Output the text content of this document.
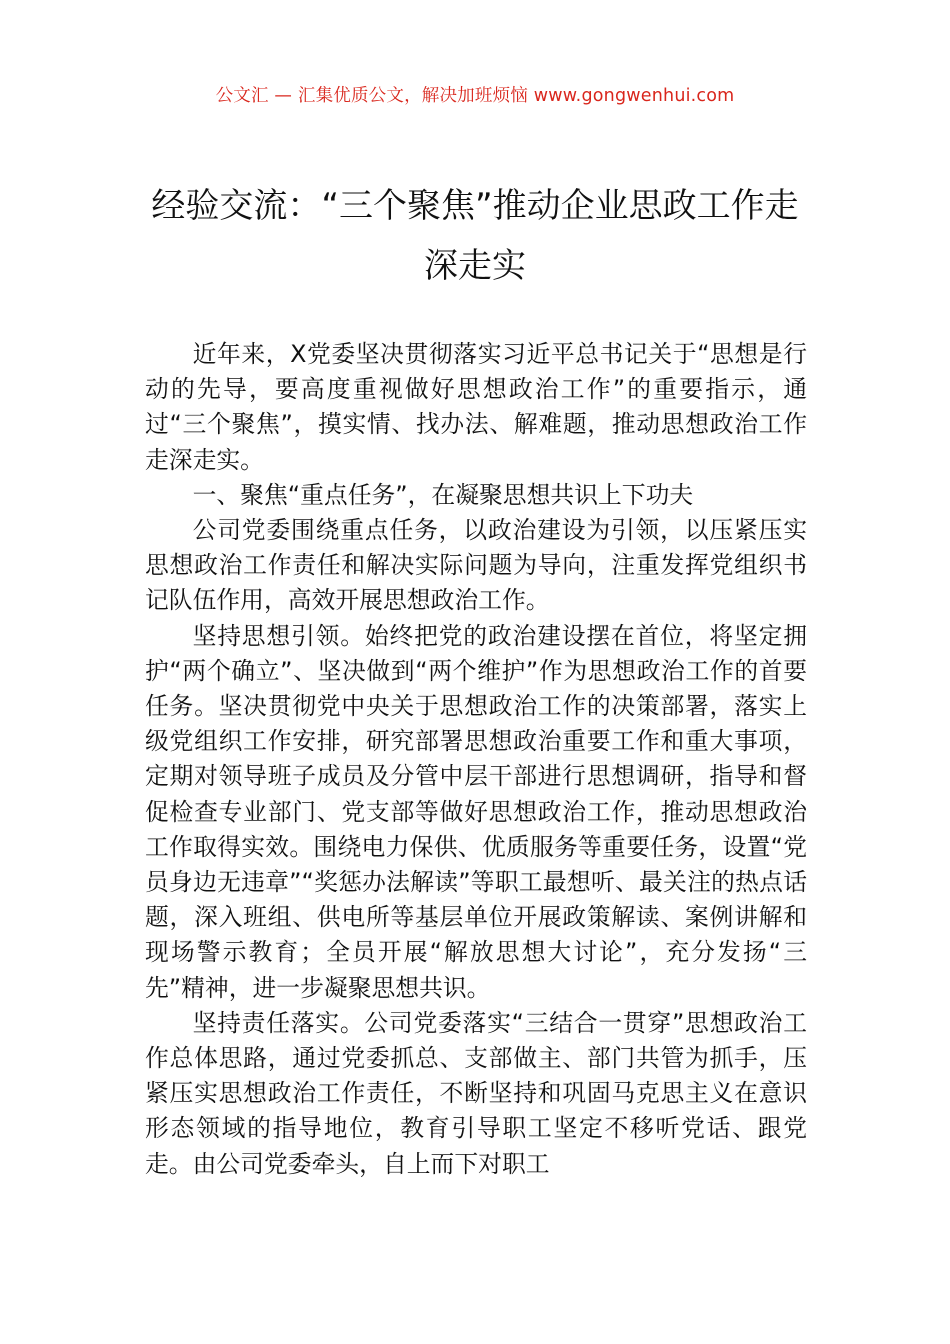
公文汇 — 汇集优质公文，解决加班烦恼 www.gongwenhui.com
经验交流：“三个聚焦”推动企业思政工作走深走实

近年来，X党委坚决贯彻落实习近平总书记关于“思想是行动的先导，要高度重视做好思想政治工作”的重要指示，通过“三个聚焦”，摸实情、找办法、解难题，推动思想政治工作走深走实。

一、聚焦“重点任务”，在凝聚思想共识上下功夫

公司党委围绕重点任务，以政治建设为引领，以压紧压实思想政治工作责任和解决实际问题为导向，注重发挥党组织书记队伍作用，高效开展思想政治工作。

坚持思想引领。始终把党的政治建设摆在首位，将坚定拥护“两个确立”、坚决做到“两个维护”作为思想政治工作的首要任务。坚决贯彻党中央关于思想政治工作的决策部署，落实上级党组织工作安排，研究部署思想政治重要工作和重大事项，定期对领导班子成员及分管中层干部进行思想调研，指导和督促检查专业部门、党支部等做好思想政治工作，推动思想政治工作取得实效。围绕电力保供、优质服务等重要任务，设置“党员身边无违章”“奖惩办法解读”等职工最想听、最关注的热点话题，深入班组、供电所等基层单位开展政策解读、案例讲解和现场警示教育；全员开展“解放思想大讨论”，充分发扬“三先”精神，进一步凝聚思想共识。

坚持责任落实。公司党委落实“三结合一贯穿”思想政治工作总体思路，通过党委抓总、支部做主、部门共管为抓手，压紧压实思想政治工作责任，不断坚持和巩固马克思主义在意识形态领域的指导地位，教育引导职工坚定不移听党话、跟党走。由公司党委牵头，自上而下对职工
